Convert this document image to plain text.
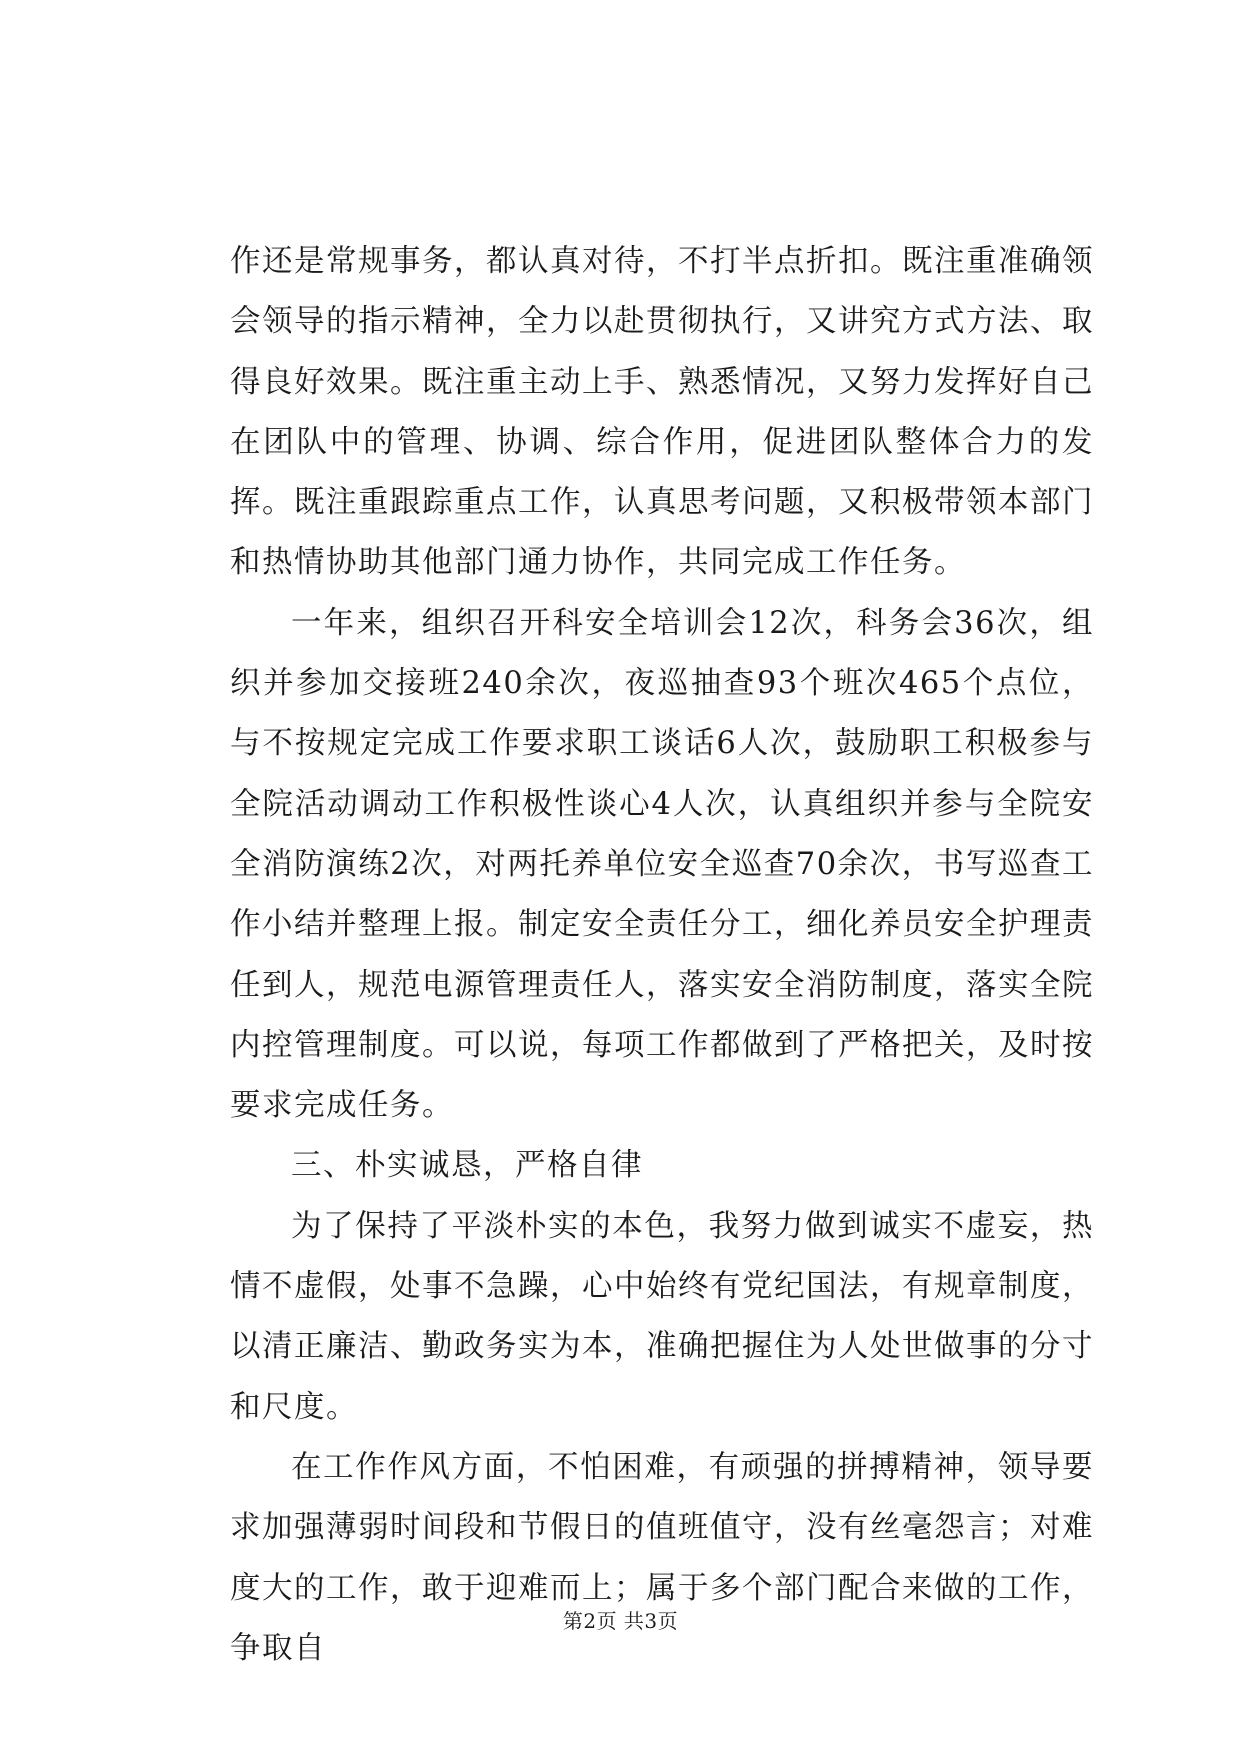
作还是常规事务，都认真对待，不打半点折扣。既注重准确领会领导的指示精神，全力以赴贯彻执行，又讲究方式方法、取得良好效果。既注重主动上手、熟悉情况，又努力发挥好自己在团队中的管理、协调、综合作用，促进团队整体合力的发挥。既注重跟踪重点工作，认真思考问题，又积极带领本部门和热情协助其他部门通力协作，共同完成工作任务。

一年来，组织召开科安全培训会12次，科务会36次，组织并参加交接班240余次，夜巡抽查93个班次465个点位，与不按规定完成工作要求职工谈话6人次，鼓励职工积极参与全院活动调动工作积极性谈心4人次，认真组织并参与全院安全消防演练2次，对两托养单位安全巡查70余次，书写巡查工作小结并整理上报。制定安全责任分工，细化养员安全护理责任到人，规范电源管理责任人，落实安全消防制度，落实全院内控管理制度。可以说，每项工作都做到了严格把关，及时按要求完成任务。

三、朴实诚恳，严格自律

为了保持了平淡朴实的本色，我努力做到诚实不虚妄，热情不虚假，处事不急躁，心中始终有党纪国法，有规章制度，以清正廉洁、勤政务实为本，准确把握住为人处世做事的分寸和尺度。

在工作作风方面，不怕困难，有顽强的拼搏精神，领导要求加强薄弱时间段和节假日的值班值守，没有丝毫怨言；对难度大的工作，敢于迎难而上；属于多个部门配合来做的工作，争取自

第2页 共3页
